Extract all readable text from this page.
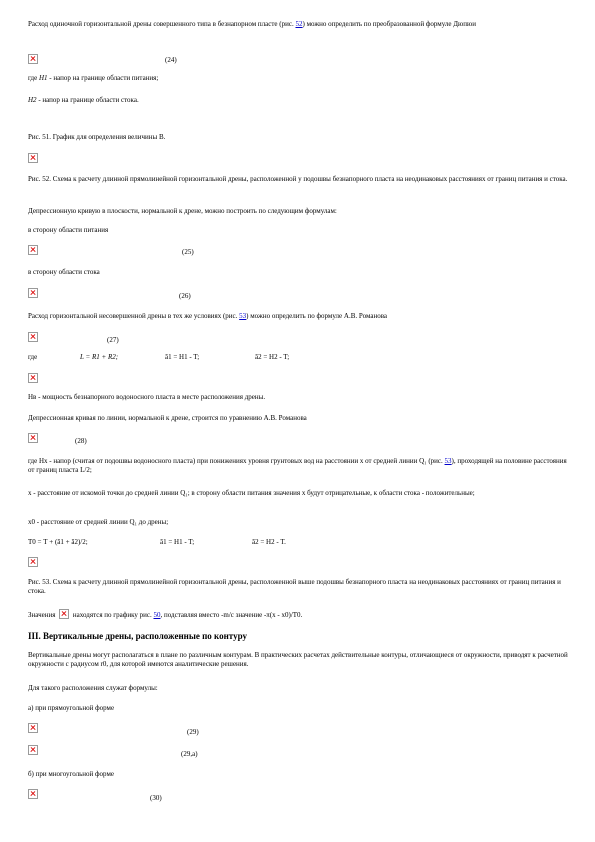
Расход одиночной горизонтальной дрены совершенного типа в безнапорном пласте (рис. 52) можно определить по преобразованной формуле Дюпюи
(24)
где H1 - напор на границе области питания;
H2 - напор на границе области стока.
Рис. 51. График для определения величины В.
Рис. 52. Схема к расчету длинной прямолинейной горизонтальной дрены, расположенной у подошвы безнапорного пласта на неодинаковых расстояниях от границ питания и стока.
Депрессионную кривую в плоскости, нормальной к дрене, можно построить по следующим формулам:
в сторону области питания
(25)
в сторону области стока
(26)
Расход горизонтальной несовершенной дрены в тех же условиях (рис. 53) можно определить по формуле А.В. Романова
(27)
где	L = R1 + R2;	ā1 = H1 - T;	ā2 = H2 - T;
Нв - мощность безнапорного водоносного пласта в месте расположения дрены.
Депрессионная кривая по линии, нормальной к дрене, строится по уравнению А.В. Романова
(28)
где Нх - напор (считая от подошвы водоносного пласта) при понижениях уровня грунтовых вод на расстоянии х от средней линии Q₁ (рис. 53), проходящей на половине расстояния от границ пласта L/2;
х - расстояние от искомой точки до средней линии Q₁; в сторону области питания значения х будут отрицательные, к области стока - положительные;
х0 - расстояние от средней линии Q₁ до дрены;
Т0 = Т + (ā1 + ā2)/2;	ā1 = H1 - T;	ā2 = H2 - T.
Рис. 53. Схема к расчету длинной прямолинейной горизонтальной дрены, расположенной выше подошвы безнапорного пласта на неодинаковых расстояниях от границ питания и стока.
Значения  находятся по графику рис. 50, подставляя вместо -m/c значение -π(x - x0)/T0.
III. Вертикальные дрены, расположенные по контуру
Вертикальные дрены могут располагаться в плане по различным контурам. В практических расчетах действительные контуры, отличающиеся от окружности, приводят к расчетной окружности с радиусом r0, для которой имеются аналитические решения.
Для такого расположения служат формулы:
а) при прямоугольной форме
(29)
(29,а)
б) при многоугольной форме
(30)
